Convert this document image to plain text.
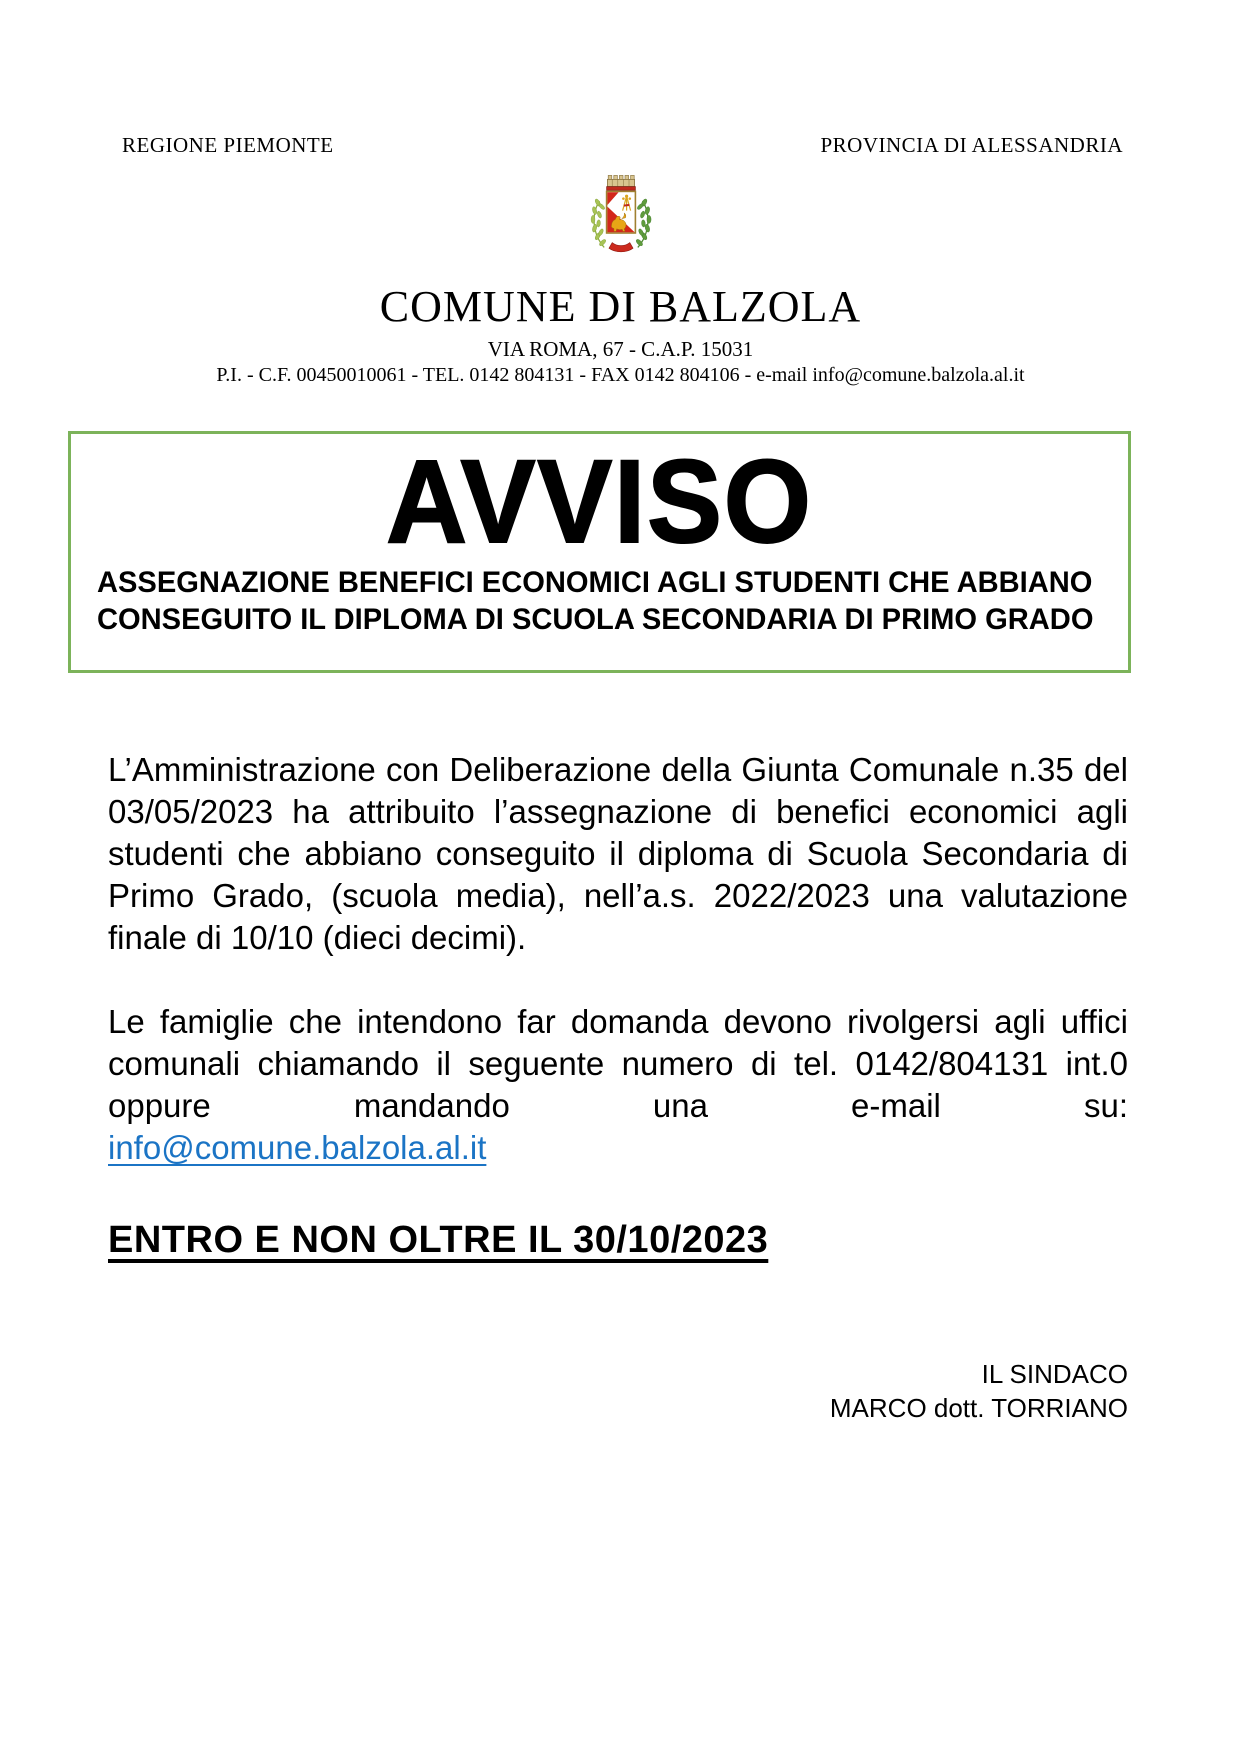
REGIONE PIEMONTE	PROVINCIA DI ALESSANDRIA
COMUNE DI BALZOLA
VIA ROMA, 67 - C.A.P. 15031
P.I. - C.F. 00450010061 - TEL. 0142 804131 - FAX 0142 804106 - e-mail info@comune.balzola.al.it
AVVISO
ASSEGNAZIONE BENEFICI ECONOMICI AGLI STUDENTI CHE ABBIANO
CONSEGUITO IL DIPLOMA DI SCUOLA SECONDARIA DI PRIMO GRADO

L’Amministrazione con Deliberazione della Giunta Comunale n.35 del 03/05/2023 ha attribuito l’assegnazione di benefici economici agli studenti che abbiano conseguito il diploma di Scuola Secondaria di Primo Grado, (scuola media), nell’a.s. 2022/2023 una valutazione finale di 10/10 (dieci decimi).

Le famiglie che intendono far domanda devono rivolgersi agli uffici comunali chiamando il seguente numero di tel. 0142/804131 int.0 oppure mandando una e-mail su:

info@comune.balzola.al.it

ENTRO E NON OLTRE IL 30/10/2023

IL SINDACO
MARCO dott. TORRIANO
